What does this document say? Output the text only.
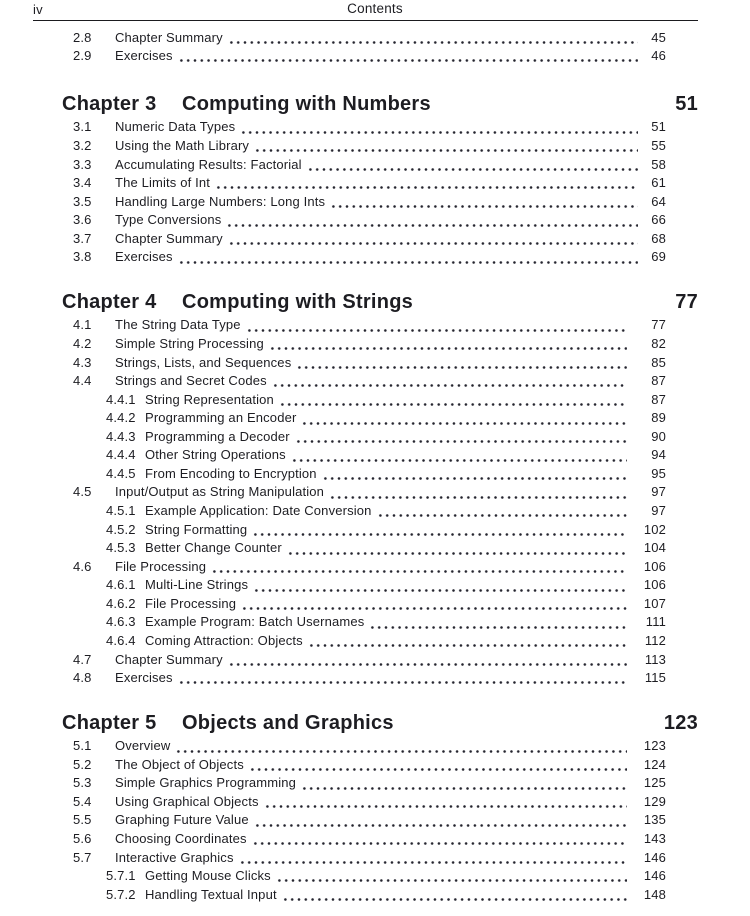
iv	Contents
2.8	Chapter Summary	45
2.9	Exercises	46
Chapter 3	Computing with Numbers	51
3.1	Numeric Data Types	51
3.2	Using the Math Library	55
3.3	Accumulating Results: Factorial	58
3.4	The Limits of Int	61
3.5	Handling Large Numbers: Long Ints	64
3.6	Type Conversions	66
3.7	Chapter Summary	68
3.8	Exercises	69
Chapter 4	Computing with Strings	77
4.1	The String Data Type	77
4.2	Simple String Processing	82
4.3	Strings, Lists, and Sequences	85
4.4	Strings and Secret Codes	87
4.4.1 String Representation	87
4.4.2 Programming an Encoder	89
4.4.3 Programming a Decoder	90
4.4.4 Other String Operations	94
4.4.5 From Encoding to Encryption	95
4.5	Input/Output as String Manipulation	97
4.5.1 Example Application: Date Conversion	97
4.5.2 String Formatting	102
4.5.3 Better Change Counter	104
4.6	File Processing	106
4.6.1 Multi-Line Strings	106
4.6.2 File Processing	107
4.6.3 Example Program: Batch Usernames	111
4.6.4 Coming Attraction: Objects	112
4.7	Chapter Summary	113
4.8	Exercises	115
Chapter 5	Objects and Graphics	123
5.1	Overview	123
5.2	The Object of Objects	124
5.3	Simple Graphics Programming	125
5.4	Using Graphical Objects	129
5.5	Graphing Future Value	135
5.6	Choosing Coordinates	143
5.7	Interactive Graphics	146
5.7.1 Getting Mouse Clicks	146
5.7.2 Handling Textual Input	148
